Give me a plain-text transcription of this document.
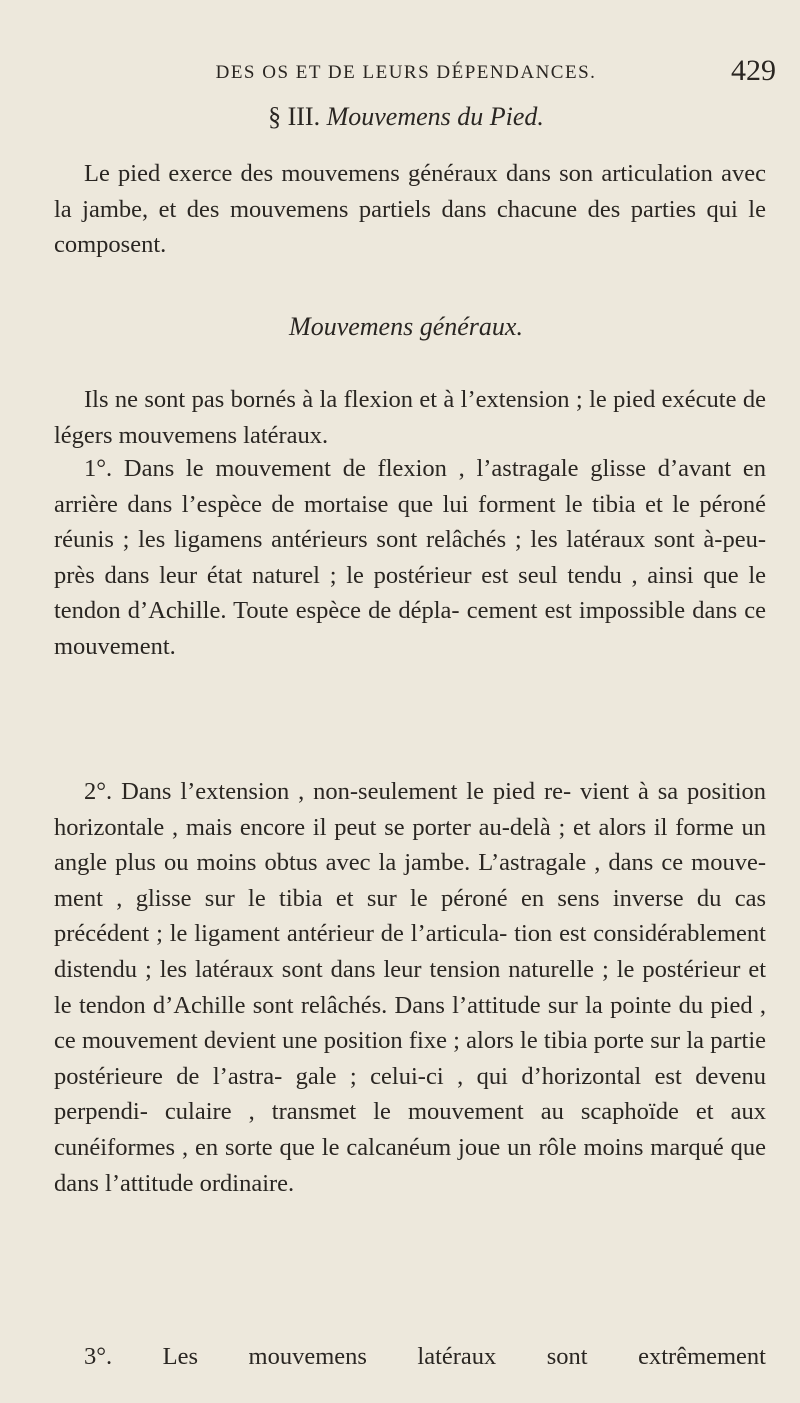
DES OS ET DE LEURS DÉPENDANCES.	429
§ III. Mouvemens du Pied.

Le pied exerce des mouvemens généraux dans son articulation avec la jambe, et des mouvemens partiels dans chacune des parties qui le composent.

Mouvemens généraux.

Ils ne sont pas bornés à la flexion et à l’extension ; le pied exécute de légers mouvemens latéraux.

1°. Dans le mouvement de flexion , l’astragale glisse d’avant en arrière dans l’espèce de mortaise que lui forment le tibia et le péroné réunis ; les ligamens antérieurs sont relâchés ; les latéraux sont à-peu-près dans leur état naturel ; le postérieur est seul tendu , ainsi que le tendon d’Achille. Toute espèce de dépla- cement est impossible dans ce mouvement.

2°. Dans l’extension , non-seulement le pied re- vient à sa position horizontale , mais encore il peut se porter au-delà ; et alors il forme un angle plus ou moins obtus avec la jambe. L’astragale , dans ce mouve- ment , glisse sur le tibia et sur le péroné en sens inverse du cas précédent ; le ligament antérieur de l’articula- tion est considérablement distendu ; les latéraux sont dans leur tension naturelle ; le postérieur et le tendon d’Achille sont relâchés. Dans l’attitude sur la pointe du pied , ce mouvement devient une position fixe ; alors le tibia porte sur la partie postérieure de l’astra- gale ; celui-ci , qui d’horizontal est devenu perpendi- culaire , transmet le mouvement au scaphoïde et aux cunéiformes , en sorte que le calcanéum joue un rôle moins marqué que dans l’attitude ordinaire.

3°. Les mouvemens latéraux sont extrêmement
